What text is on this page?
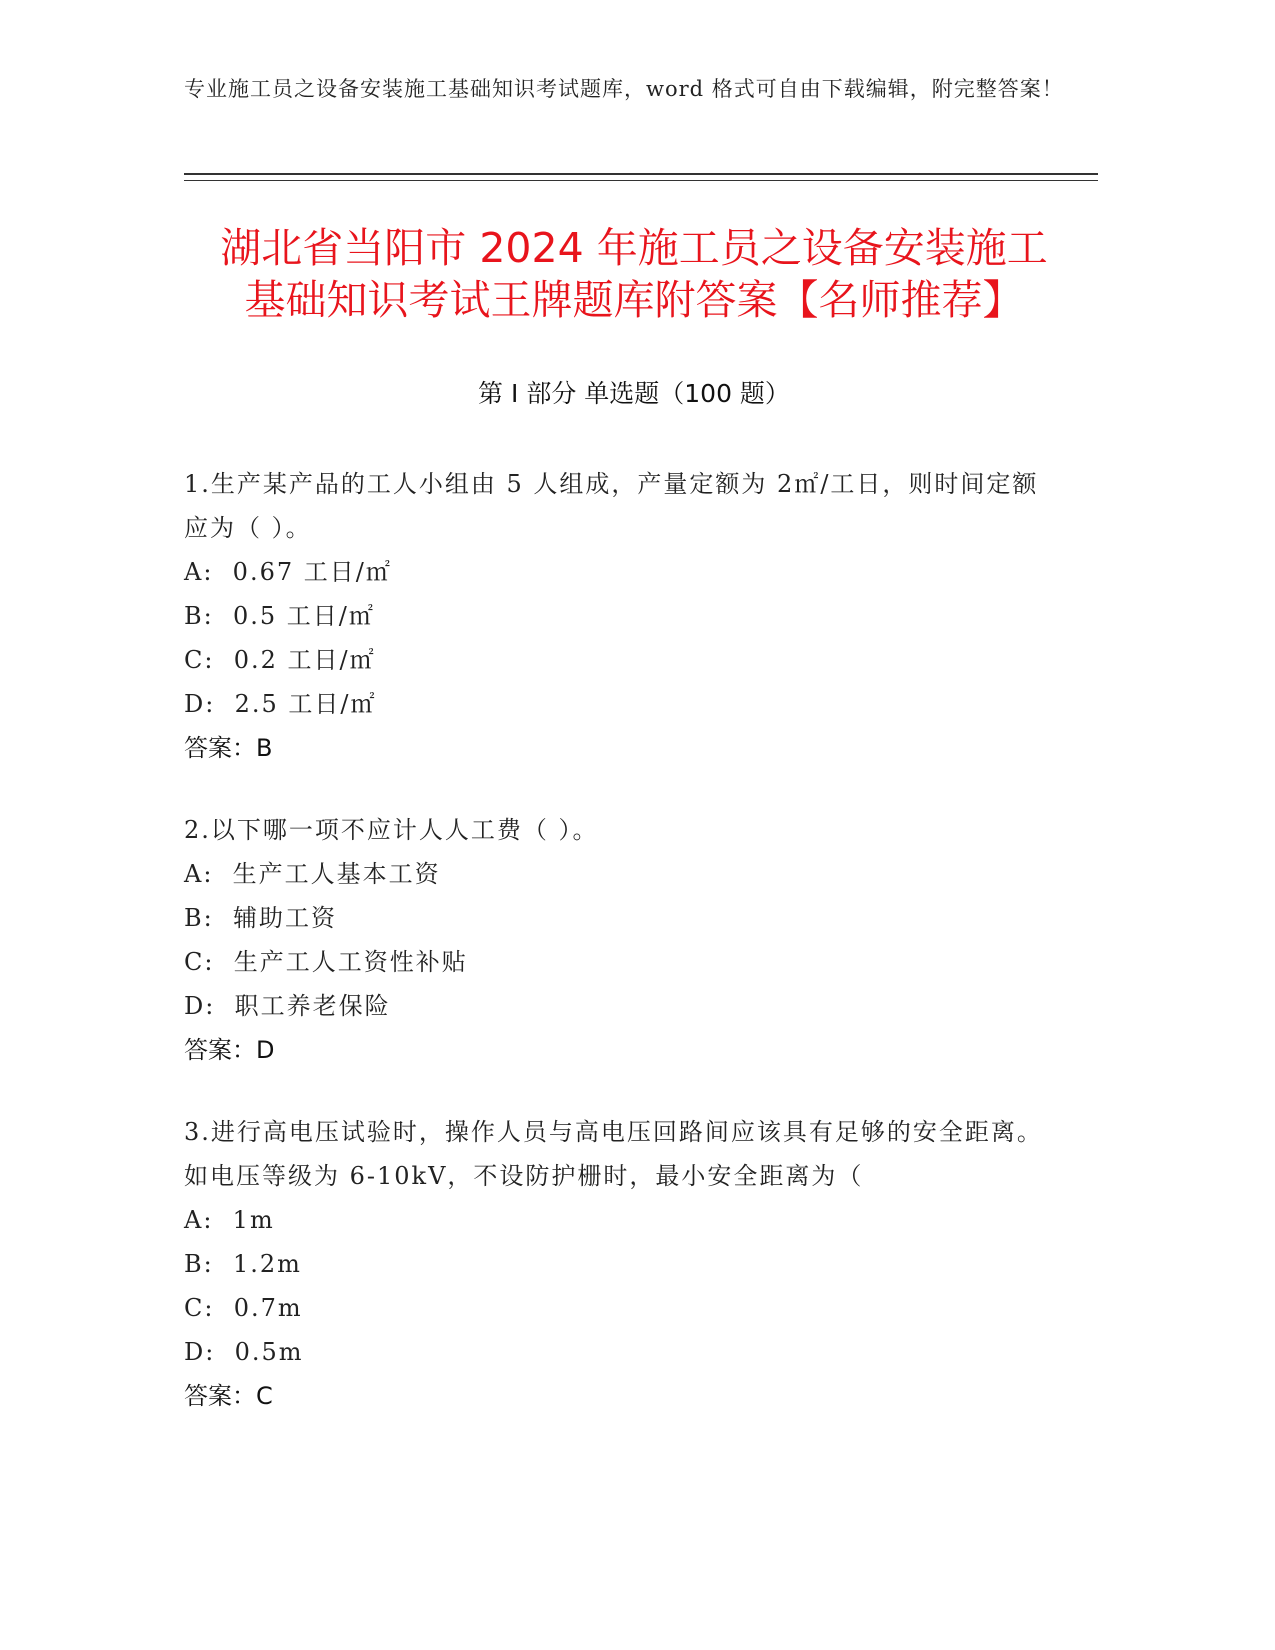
专业施工员之设备安装施工基础知识考试题库，word 格式可自由下载编辑，附完整答案！
湖北省当阳市 2024 年施工员之设备安装施工
基础知识考试王牌题库附答案【名师推荐】
第 I 部分 单选题（100 题）
1.生产某产品的工人小组由 5 人组成，产量定额为 2㎡/工日，则时间定额应为（ ）。
A:  0.67 工日/㎡
B:  0.5 工日/㎡
C:  0.2 工日/㎡
D:  2.5 工日/㎡
答案：B
2.以下哪一项不应计人人工费（ ）。
A:  生产工人基本工资
B:  辅助工资
C:  生产工人工资性补贴
D:  职工养老保险
答案：D
3.进行高电压试验时，操作人员与高电压回路间应该具有足够的安全距离。如电压等级为 6-10kV，不设防护栅时，最小安全距离为（
A:  1m
B:  1.2m
C:  0.7m
D:  0.5m
答案：C
